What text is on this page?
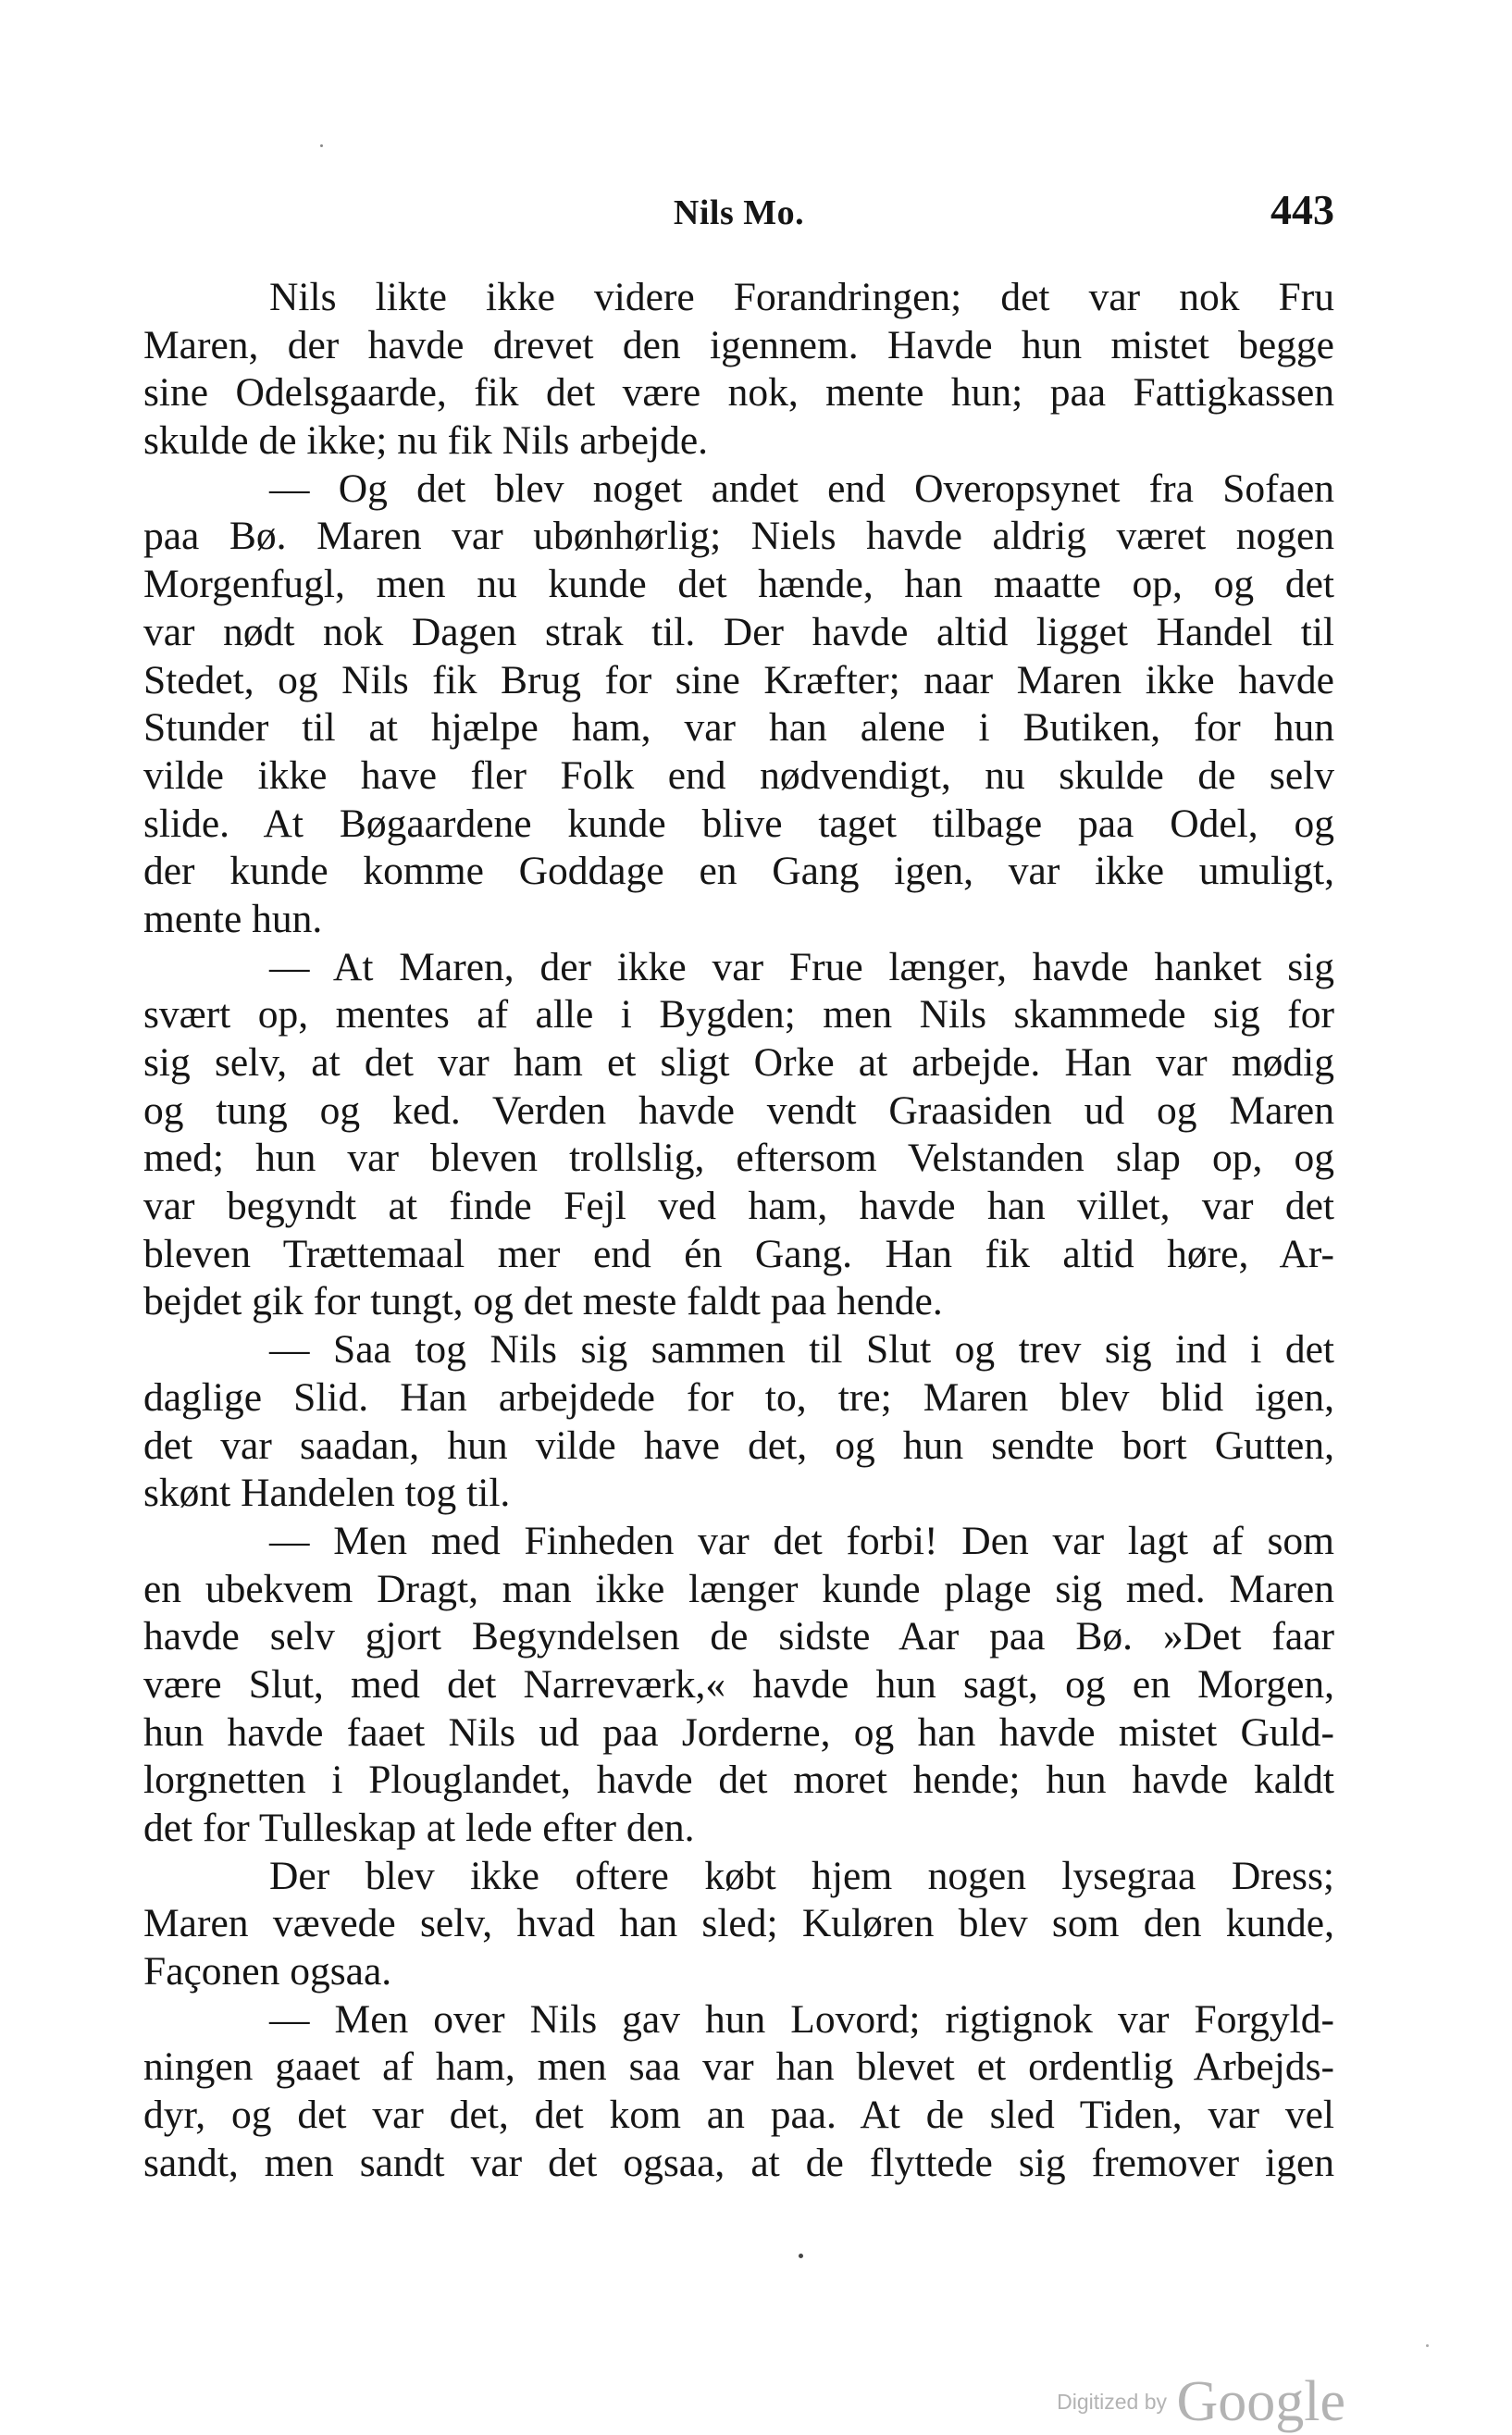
Nils Mo.	443
Nils likte ikke videre Forandringen; det var nok Fru
Maren, der havde drevet den igennem. Havde hun mistet begge
sine Odelsgaarde, fik det være nok, mente hun; paa Fattigkassen
skulde de ikke; nu fik Nils arbejde.
— Og det blev noget andet end Overopsynet fra Sofaen
paa Bø. Maren var ubønhørlig; Niels havde aldrig været nogen
Morgenfugl, men nu kunde det hænde, han maatte op, og det
var nødt nok Dagen strak til. Der havde altid ligget Handel til
Stedet, og Nils fik Brug for sine Kræfter; naar Maren ikke havde
Stunder til at hjælpe ham, var han alene i Butiken, for hun
vilde ikke have fler Folk end nødvendigt, nu skulde de selv
slide. At Bøgaardene kunde blive taget tilbage paa Odel, og
der kunde komme Goddage en Gang igen, var ikke umuligt,
mente hun.
— At Maren, der ikke var Frue længer, havde hanket sig
svært op, mentes af alle i Bygden; men Nils skammede sig for
sig selv, at det var ham et sligt Orke at arbejde. Han var mødig
og tung og ked. Verden havde vendt Graasiden ud og Maren
med; hun var bleven trollslig, eftersom Velstanden slap op, og
var begyndt at finde Fejl ved ham, havde han villet, var det
bleven Trættemaal mer end én Gang. Han fik altid høre, Ar-
bejdet gik for tungt, og det meste faldt paa hende.
— Saa tog Nils sig sammen til Slut og trev sig ind i det
daglige Slid. Han arbejdede for to, tre; Maren blev blid igen,
det var saadan, hun vilde have det, og hun sendte bort Gutten,
skønt Handelen tog til.
— Men med Finheden var det forbi! Den var lagt af som
en ubekvem Dragt, man ikke længer kunde plage sig med. Maren
havde selv gjort Begyndelsen de sidste Aar paa Bø. »Det faar
være Slut, med det Narreværk,« havde hun sagt, og en Morgen,
hun havde faaet Nils ud paa Jorderne, og han havde mistet Guld-
lorgnetten i Plouglandet, havde det moret hende; hun havde kaldt
det for Tulleskap at lede efter den.
Der blev ikke oftere købt hjem nogen lysegraa Dress;
Maren vævede selv, hvad han sled; Kuløren blev som den kunde,
Façonen ogsaa.
— Men over Nils gav hun Lovord; rigtignok var Forgyld-
ningen gaaet af ham, men saa var han blevet et ordentlig Arbejds-
dyr, og det var det, det kom an paa. At de sled Tiden, var vel
sandt, men sandt var det ogsaa, at de flyttede sig fremover igen
Digitized by Google
